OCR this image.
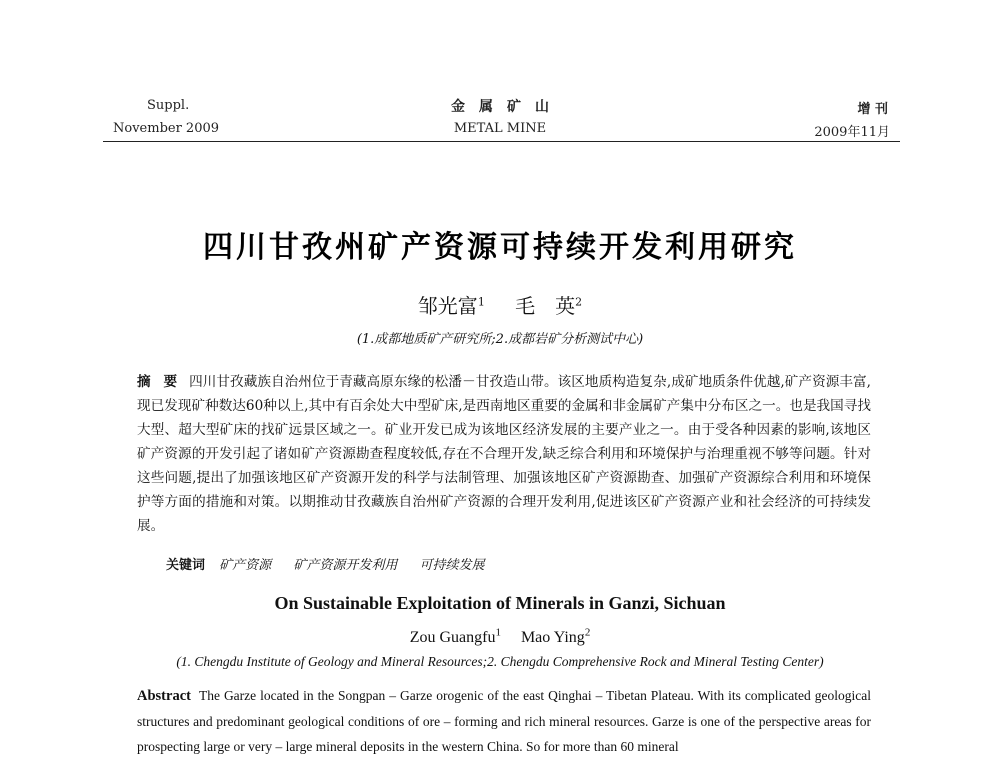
Suppl.
November 2009
金　属　矿　山
METAL MINE
增 刊
2009年11月
四川甘孜州矿产资源可持续开发利用研究
邹光富$^1$ 毛　英$^2$
(1.成都地质矿产研究所;2.成都岩矿分析测试中心)
摘 要 四川甘孜藏族自治州位于青藏高原东缘的松潘－甘孜造山带。该区地质构造复杂,成矿地质条件优越,矿产资源丰富,现已发现矿种数达60种以上,其中有百余处大中型矿床,是西南地区重要的金属和非金属矿产集中分布区之一。也是我国寻找大型、超大型矿床的找矿远景区域之一。矿业开发已成为该地区经济发展的主要产业之一。由于受各种因素的影响,该地区矿产资源的开发引起了诸如矿产资源勘查程度较低,存在不合理开发,缺乏综合利用和环境保护与治理重视不够等问题。针对这些问题,提出了加强该地区矿产资源开发的科学与法制管理、加强该地区矿产资源勘查、加强矿产资源综合利用和环境保护等方面的措施和对策。以期推动甘孜藏族自治州矿产资源的合理开发利用,促进该区矿产资源产业和社会经济的可持续发展。
关键词 矿产资源 矿产资源开发利用 可持续发展
On Sustainable Exploitation of Minerals in Ganzi, Sichuan
Zou Guangfu$^1$ Mao Ying$^2$
(1. Chengdu Institute of Geology and Mineral Resources;2. Chengdu Comprehensive Rock and Mineral Testing Center)
Abstract The Garze located in the Songpan – Garze orogenic of the east Qinghai – Tibetan Plateau. With its complicated geological structures and predominant geological conditions of ore – forming and rich mineral resources. Garze is one of the perspective areas for prospecting large or very – large mineral deposits in the western China. So for more than 60 mineral
